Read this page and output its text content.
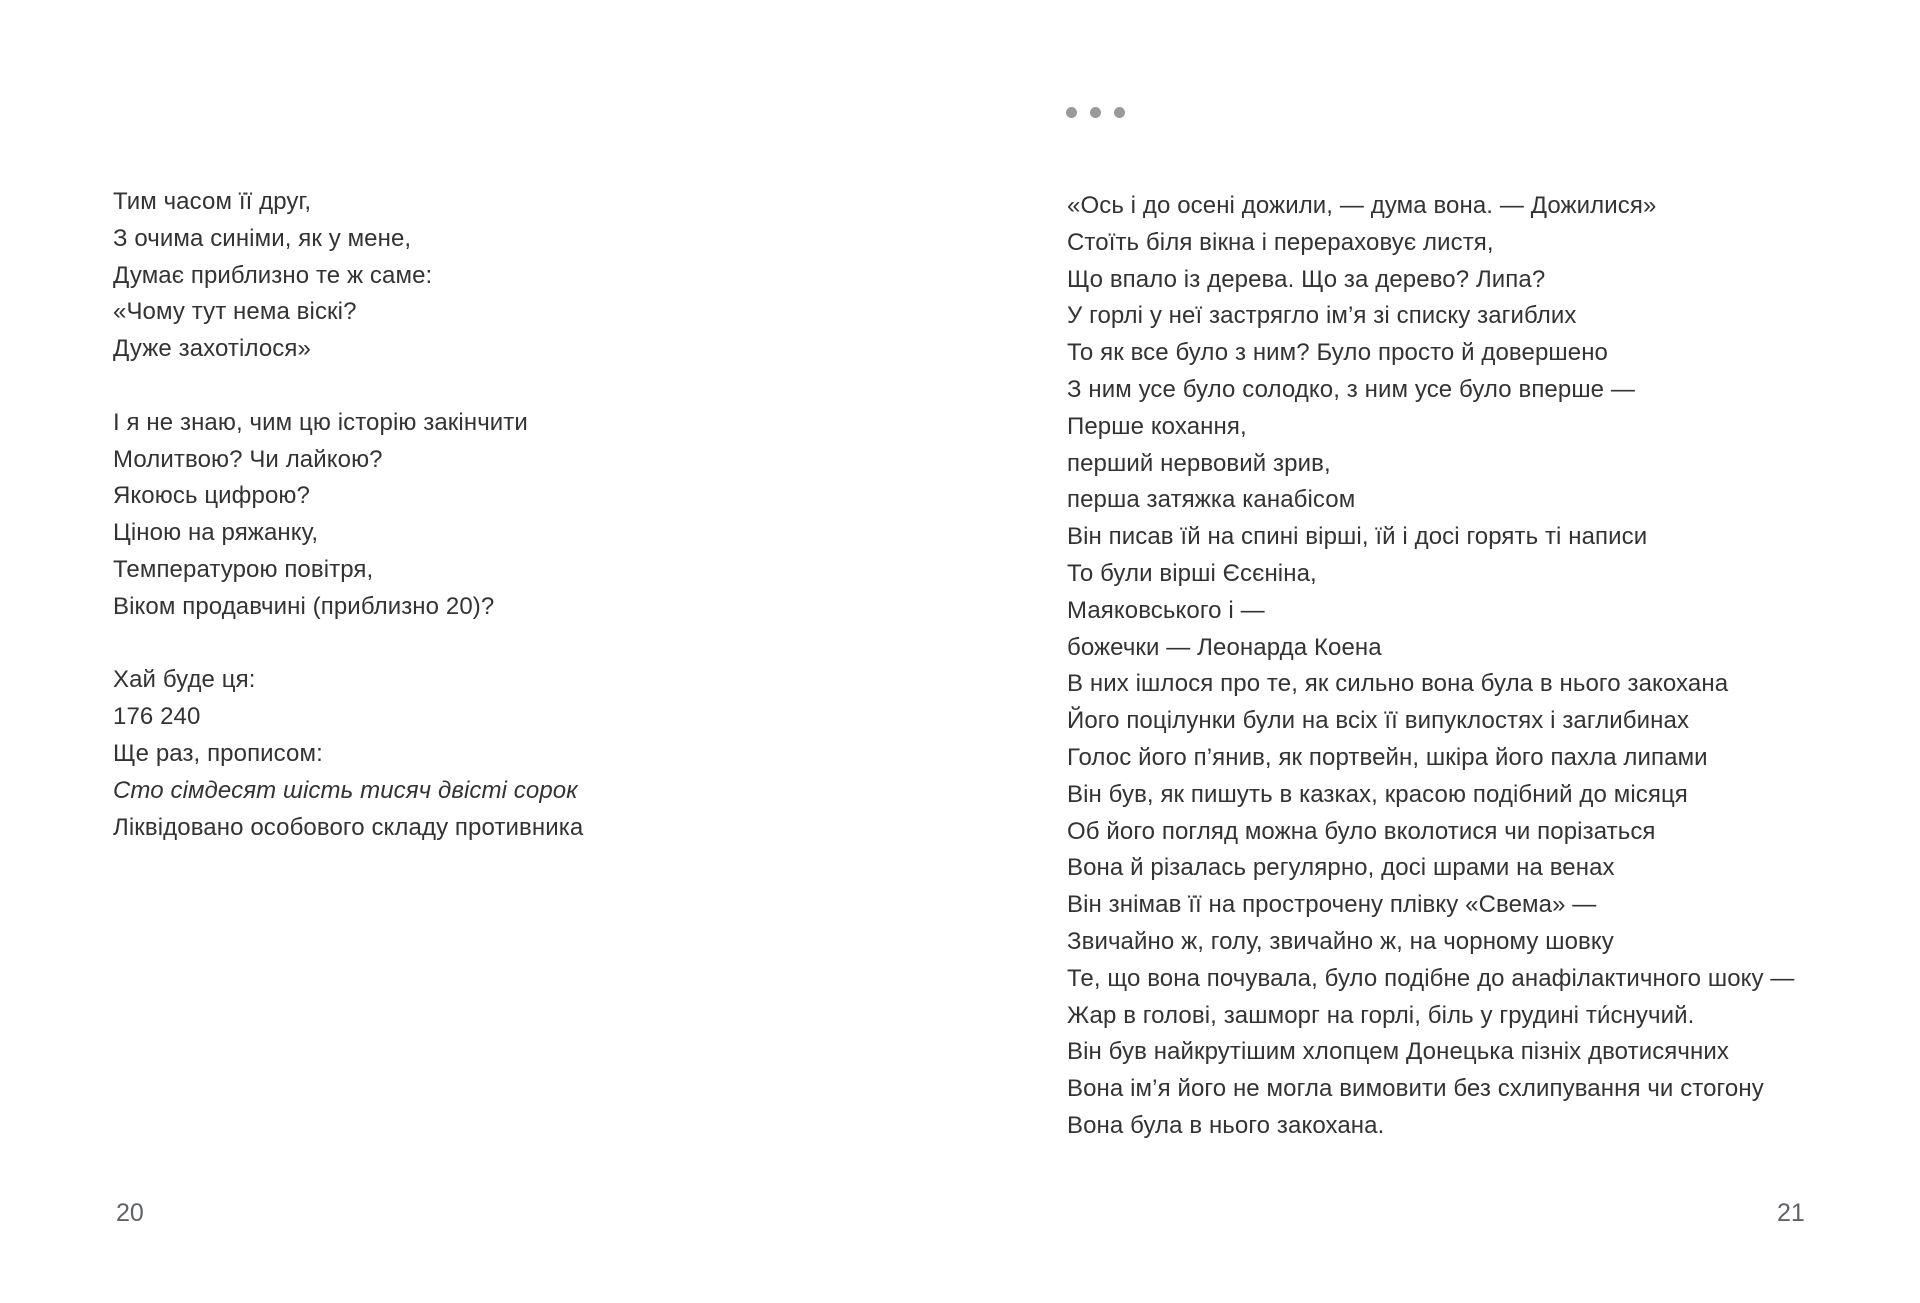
Тим часом її друг,
З очима синіми, як у мене,
Думає приблизно те ж саме:
«Чому тут нема віскі?
Дуже захотілося»

І я не знаю, чим цю історію закінчити
Молитвою? Чи лайкою?
Якоюсь цифрою?
Ціною на ряжанку,
Температурою повітря,
Віком продавчині (приблизно 20)?

Хай буде ця:
176 240
Ще раз, прописом:
Сто сімдесят шість тисяч двісті сорок
Ліквідовано особового складу противника
20
«Ось і до осені дожили, — дума вона. — Дожилися»
Стоїть біля вікна і перераховує листя,
Що впало із дерева. Що за дерево? Липа?
У горлі у неї застрягло ім’я зі списку загиблих
То як все було з ним? Було просто й довершено
З ним усе було солодко, з ним усе було вперше —
Перше кохання,
перший нервовий зрив,
перша затяжка канабісом
Він писав їй на спині вірші, їй і досі горять ті написи
То були вірші Єсєніна,
Маяковського і —
божечки — Леонарда Коена
В них ішлося про те, як сильно вона була в нього закохана
Його поцілунки були на всіх її випуклостях і заглибинах
Голос його п’янив, як портвейн, шкіра його пахла липами
Він був, як пишуть в казках, красою подібний до місяця
Об його погляд можна було вколотися чи порізаться
Вона й різалась регулярно, досі шрами на венах
Він знімав її на прострочену плівку «Свема» —
Звичайно ж, голу, звичайно ж, на чорному шовку
Те, що вона почувала, було подібне до анафілактичного шоку —
Жар в голові, зашморг на горлі, біль у грудині ти́снучий.
Він був найкрутішим хлопцем Донецька пізніх двотисячних
Вона ім’я його не могла вимовити без схлипування чи стогону
Вона була в нього закохана.
21
